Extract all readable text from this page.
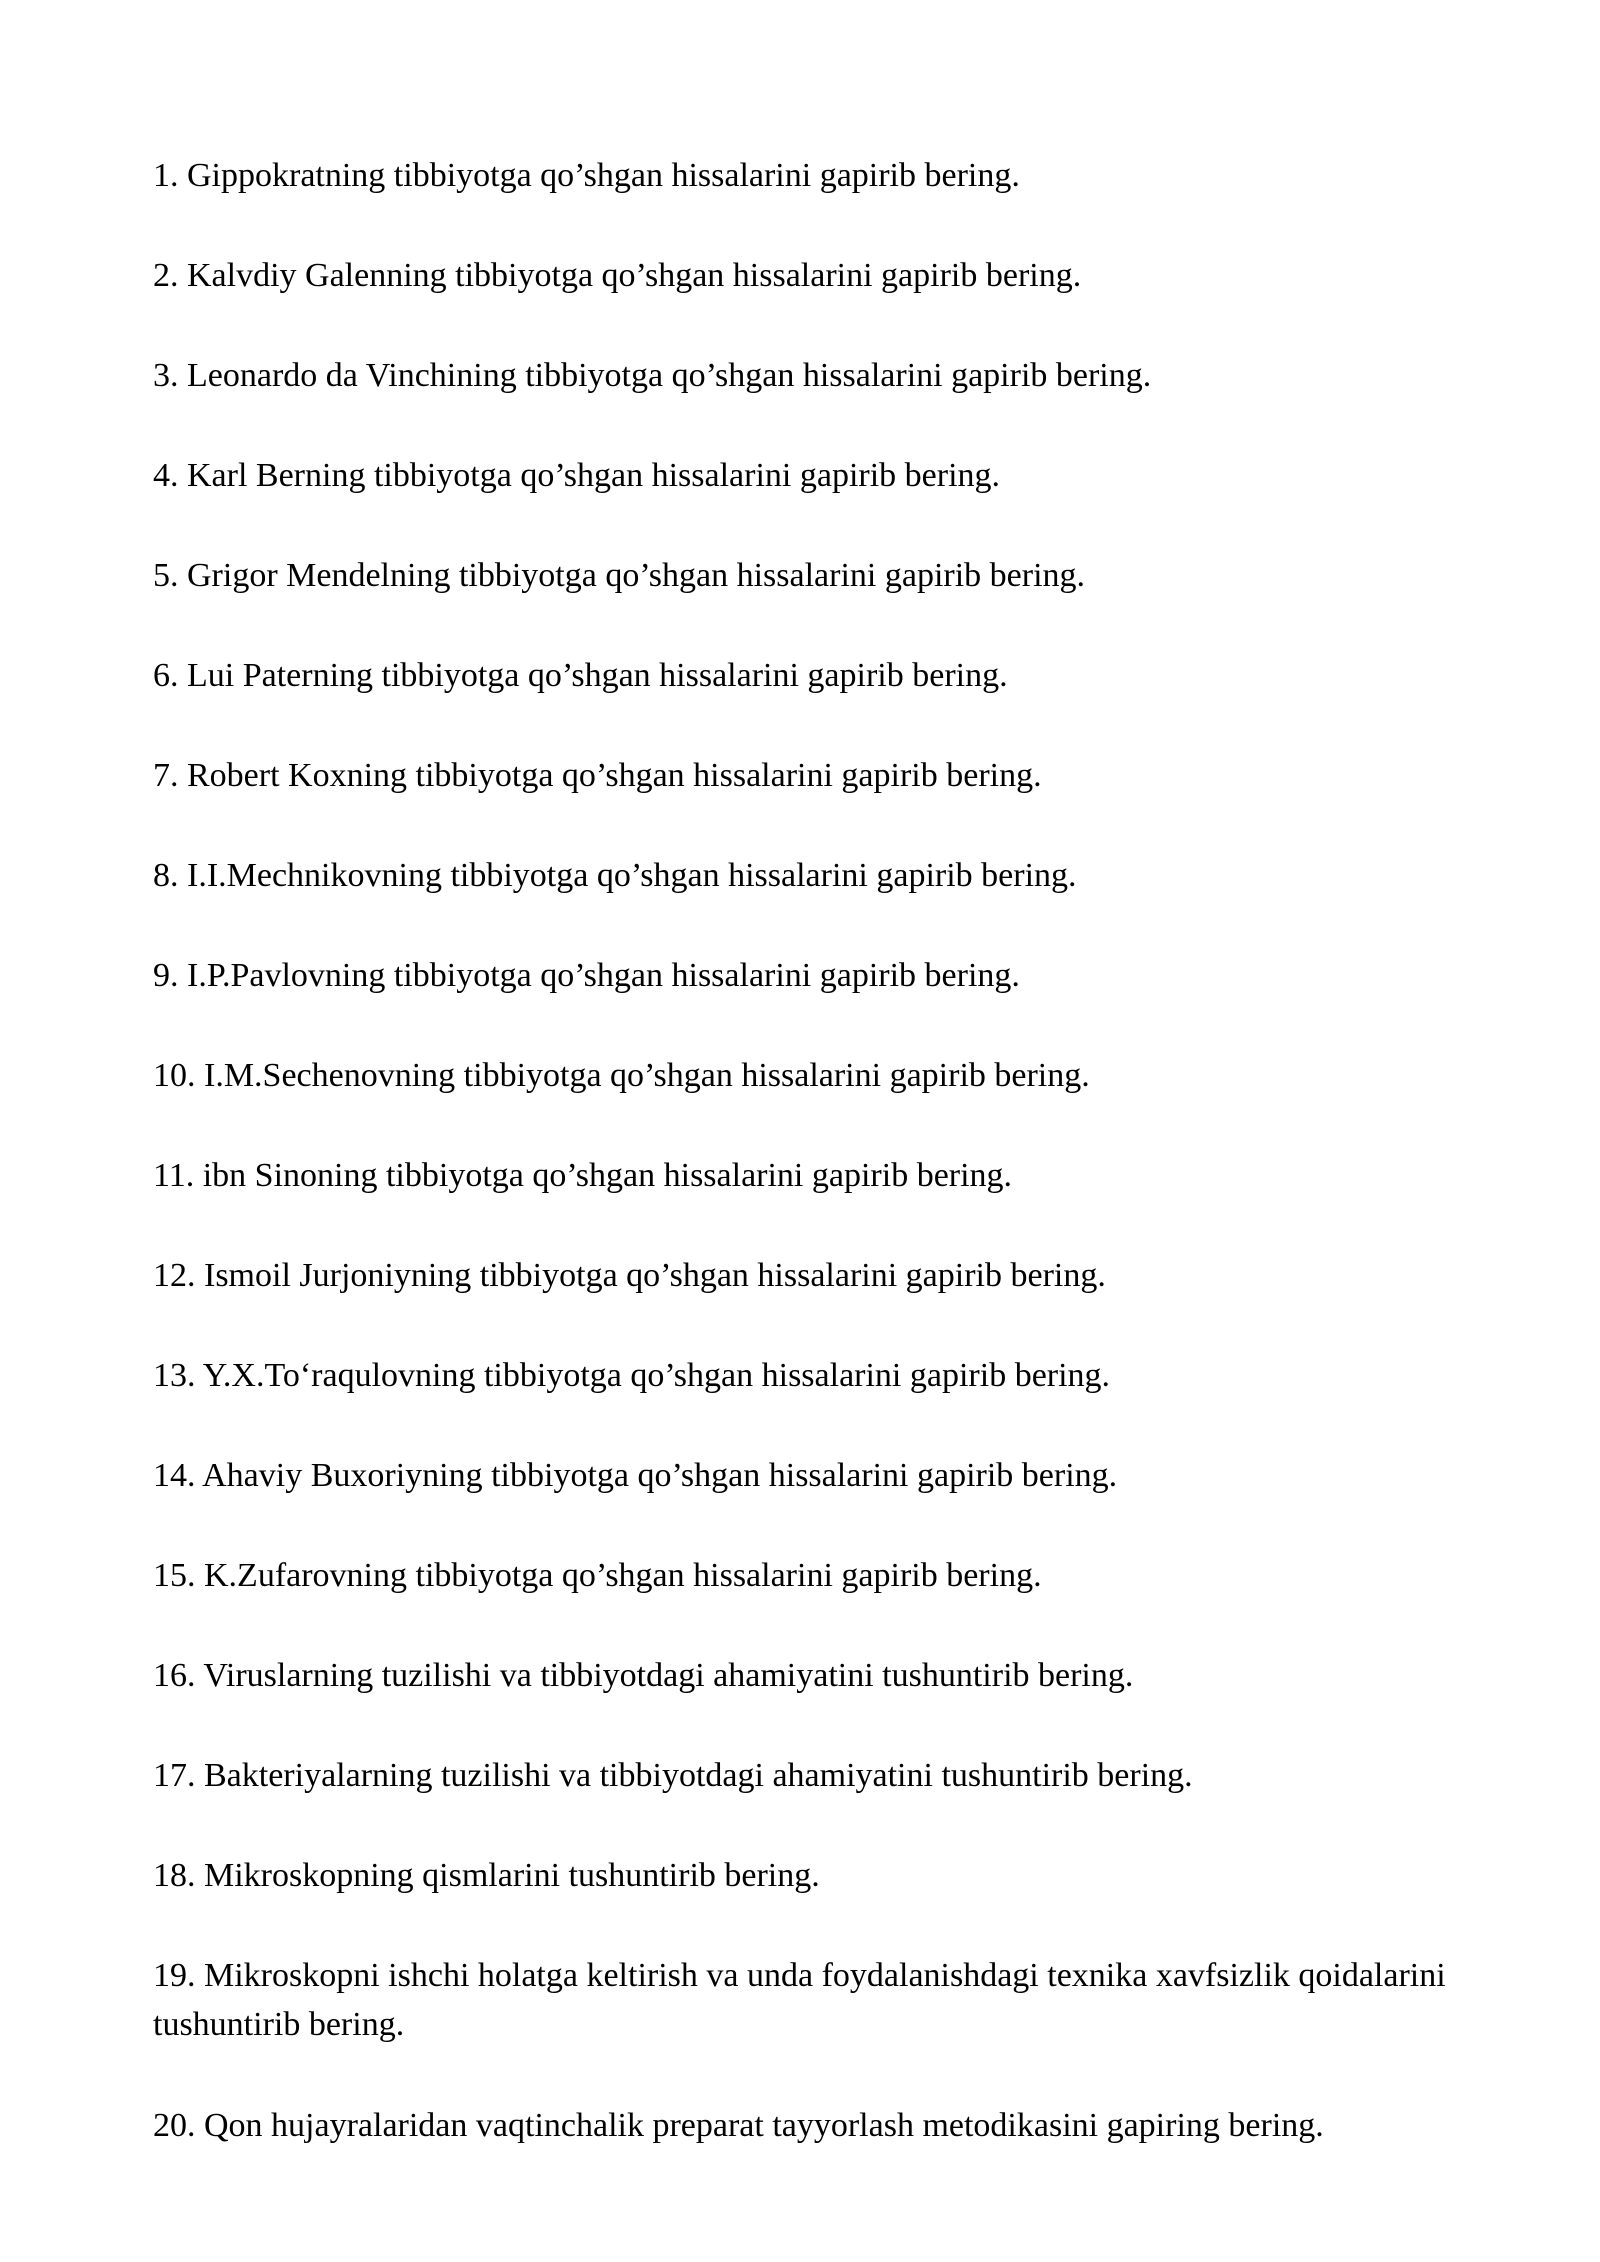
1. Gippokratning tibbiyotga qo’shgan hissalarini gapirib bering.

2. Kalvdiy Galenning tibbiyotga qo’shgan hissalarini gapirib bering.

3. Leonardo da Vinchining tibbiyotga qo’shgan hissalarini gapirib bering.

4. Karl Berning tibbiyotga qo’shgan hissalarini gapirib bering.

5. Grigor Mendelning tibbiyotga qo’shgan hissalarini gapirib bering.

6. Lui Paterning tibbiyotga qo’shgan hissalarini gapirib bering.

7. Robert Koxning tibbiyotga qo’shgan hissalarini gapirib bering.

8. I.I.Mechnikovning tibbiyotga qo’shgan hissalarini gapirib bering.

9. I.P.Pavlovning tibbiyotga qo’shgan hissalarini gapirib bering.

10. I.M.Sechenovning tibbiyotga qo’shgan hissalarini gapirib bering.

11. ibn Sinoning tibbiyotga qo’shgan hissalarini gapirib bering.

12. Ismoil Jurjoniyning tibbiyotga qo’shgan hissalarini gapirib bering.

13. Y.X.To‘raqulovning tibbiyotga qo’shgan hissalarini gapirib bering.

14. Ahaviy Buxoriyning tibbiyotga qo’shgan hissalarini gapirib bering.

15. K.Zufarovning tibbiyotga qo’shgan hissalarini gapirib bering.

16. Viruslarning tuzilishi va tibbiyotdagi ahamiyatini tushuntirib bering.

17. Bakteriyalarning tuzilishi va tibbiyotdagi ahamiyatini tushuntirib bering.

18. Mikroskopning qismlarini tushuntirib bering.

19. Mikroskopni ishchi holatga keltirish va unda foydalanishdagi texnika xavfsizlik qoidalarini tushuntirib bering.

20. Qon hujayralaridan vaqtinchalik preparat tayyorlash metodikasini gapiring bering.
